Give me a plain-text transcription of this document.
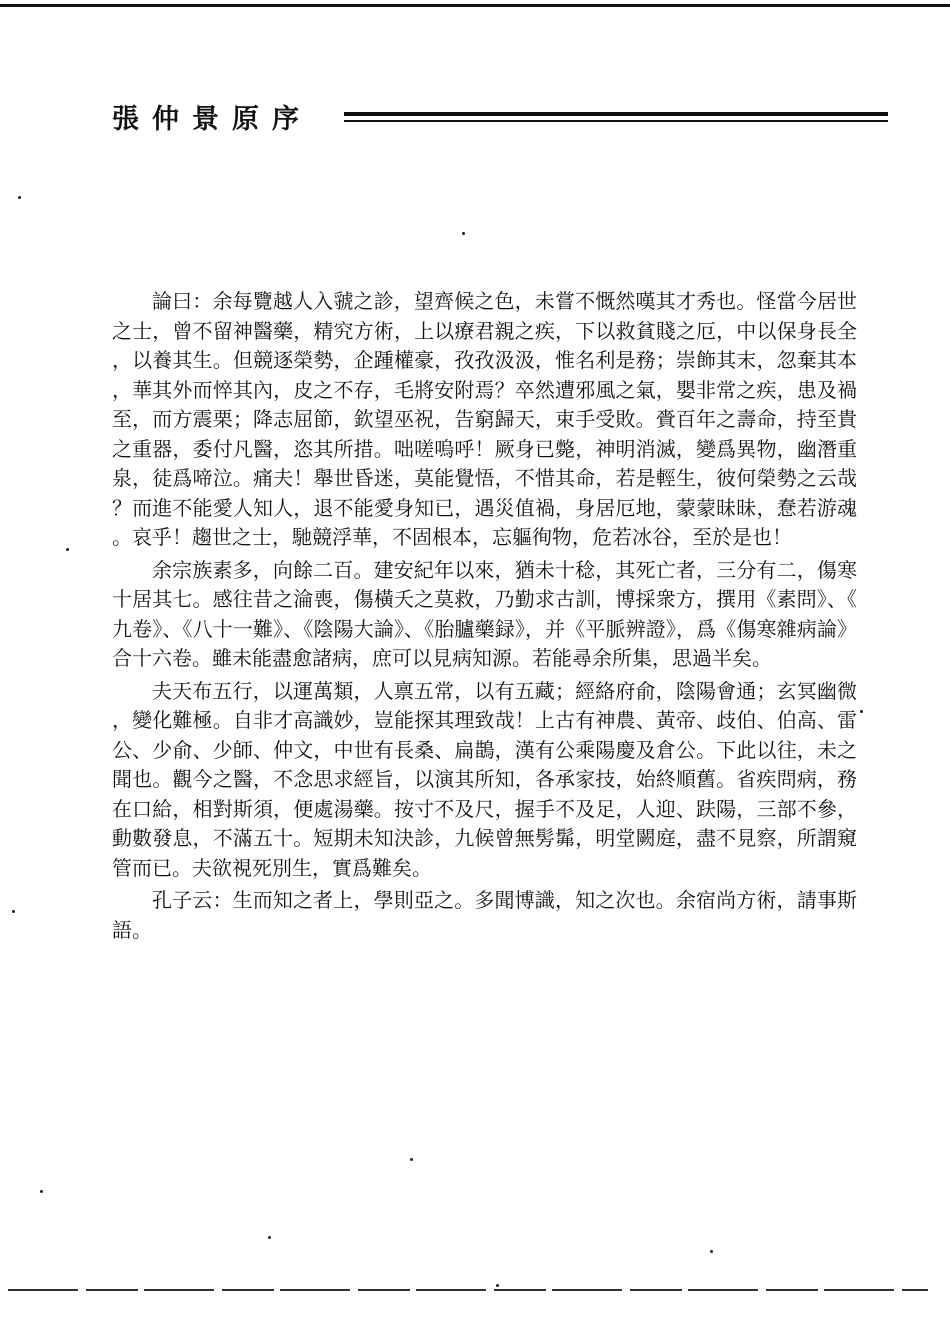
張仲景原序

論曰：余每覽越人入虢之診，望齊候之色，未嘗不慨然嘆其才秀也。怪當今居世之士，曾不留神醫藥，精究方術，上以療君親之疾，下以救貧賤之厄，中以保身長全，以養其生。但競逐榮勢，企踵權豪，孜孜汲汲，惟名利是務；崇飾其末，忽棄其本，華其外而悴其內，皮之不存，毛將安附焉？卒然遭邪風之氣，嬰非常之疾，患及禍至，而方震栗；降志屈節，欽望巫祝，告窮歸天，束手受敗。賫百年之壽命，持至貴之重器，委付凡醫，恣其所措。咄嗟嗚呼！厥身已斃，神明消滅，變爲異物，幽潛重泉，徒爲啼泣。痛夫！舉世昏迷，莫能覺悟，不惜其命，若是輕生，彼何榮勢之云哉？而進不能愛人知人，退不能愛身知已，遇災值禍，身居厄地，蒙蒙昧昧，惷若游魂。哀乎！趨世之士，馳競浮華，不固根本，忘軀徇物，危若冰谷，至於是也！

余宗族素多，向餘二百。建安紀年以來，猶未十稔，其死亡者，三分有二，傷寒十居其七。感往昔之淪喪，傷橫夭之莫救，乃勤求古訓，博採衆方，撰用《素問》、《九卷》、《八十一難》、《陰陽大論》、《胎臚藥録》，并《平脈辨證》，爲《傷寒雜病論》合十六卷。雖未能盡愈諸病，庶可以見病知源。若能尋余所集，思過半矣。

夫天布五行，以運萬類，人禀五常，以有五藏；經絡府俞，陰陽會通；玄冥幽微，變化難極。自非才高識妙，豈能探其理致哉！上古有神農、黃帝、歧伯、伯高、雷公、少俞、少師、仲文，中世有長桑、扁鵲，漢有公乘陽慶及倉公。下此以往，未之聞也。觀今之醫，不念思求經旨，以演其所知，各承家技，始終順舊。省疾問病，務在口給，相對斯須，便處湯藥。按寸不及尺，握手不及足，人迎、趺陽，三部不參，動數發息，不滿五十。短期未知決診，九候曾無髣髴，明堂闕庭，盡不見察，所謂窺管而已。夫欲視死別生，實爲難矣。

孔子云：生而知之者上，學則亞之。多聞博識，知之次也。余宿尚方術，請事斯語。
